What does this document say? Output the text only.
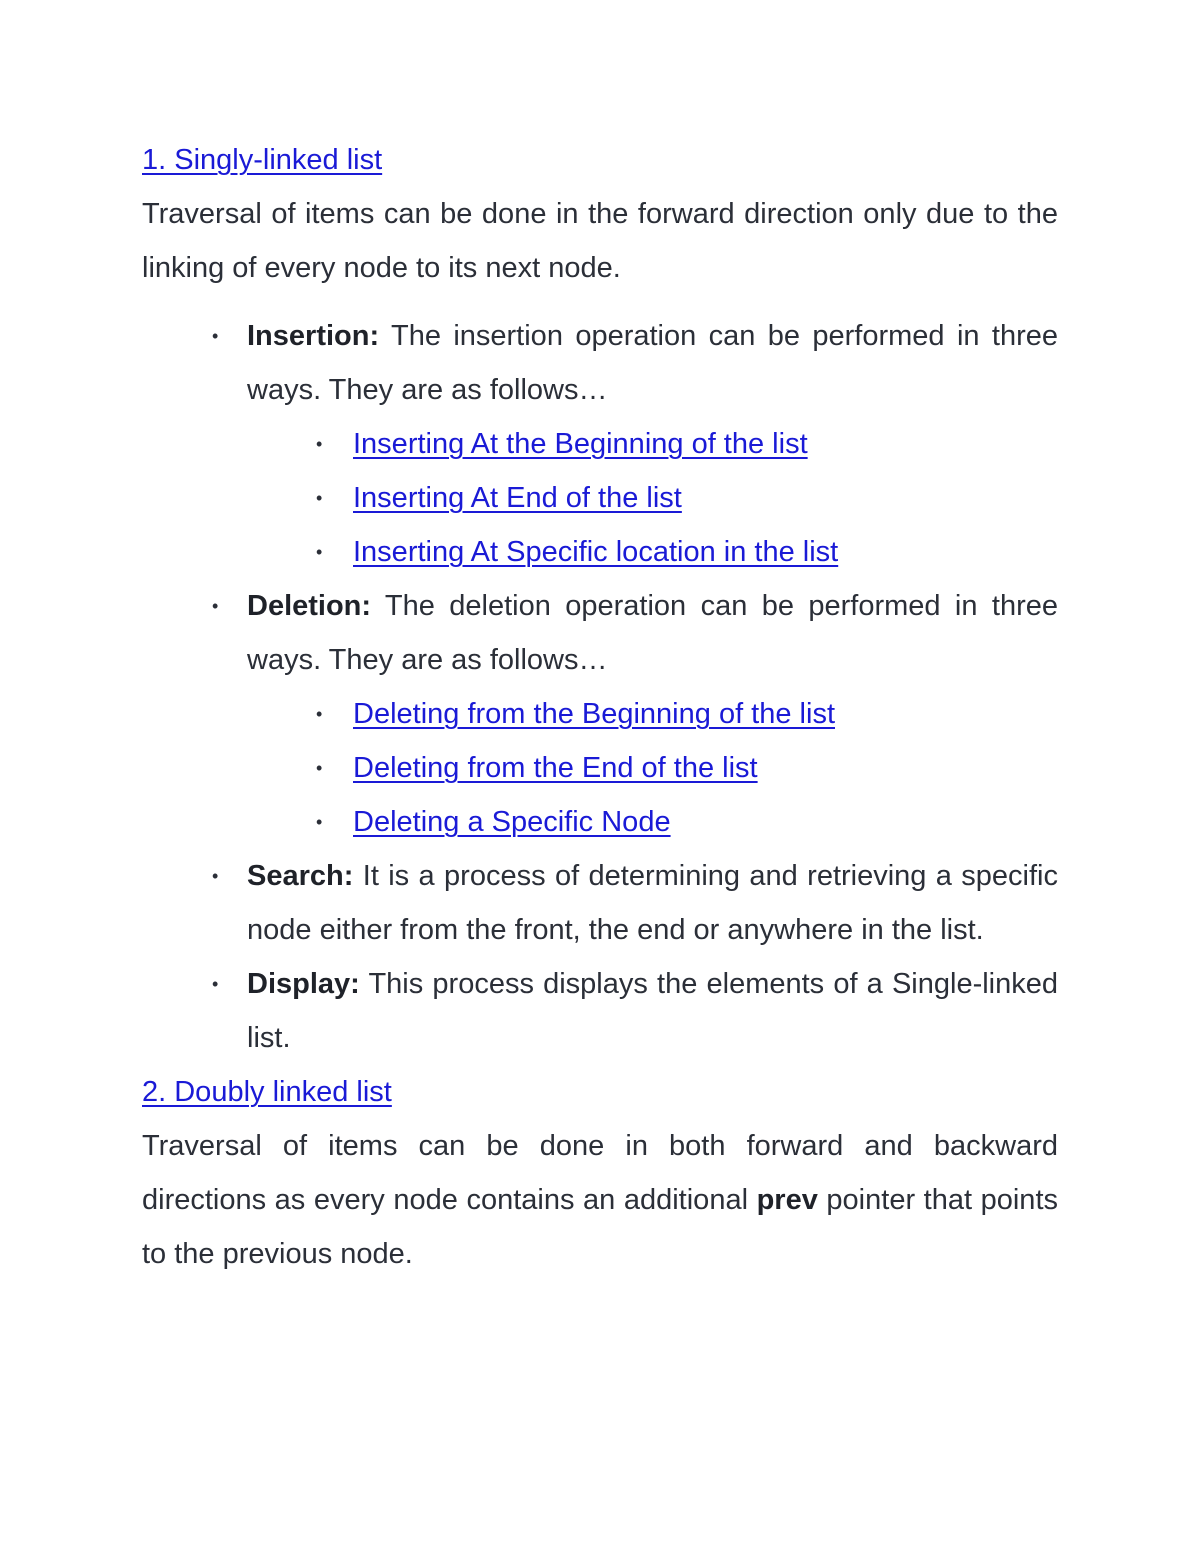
1. Singly-linked list

Traversal of items can be done in the forward direction only due to the linking of every node to its next node.

• Insertion: The insertion operation can be performed in three ways. They are as follows…
• Inserting At the Beginning of the list
• Inserting At End of the list
• Inserting At Specific location in the list
• Deletion: The deletion operation can be performed in three ways. They are as follows…
• Deleting from the Beginning of the list
• Deleting from the End of the list
• Deleting a Specific Node
• Search: It is a process of determining and retrieving a specific node either from the front, the end or anywhere in the list.
• Display: This process displays the elements of a Single-linked list.

2. Doubly linked list

Traversal of items can be done in both forward and backward directions as every node contains an additional prev pointer that points to the previous node.
